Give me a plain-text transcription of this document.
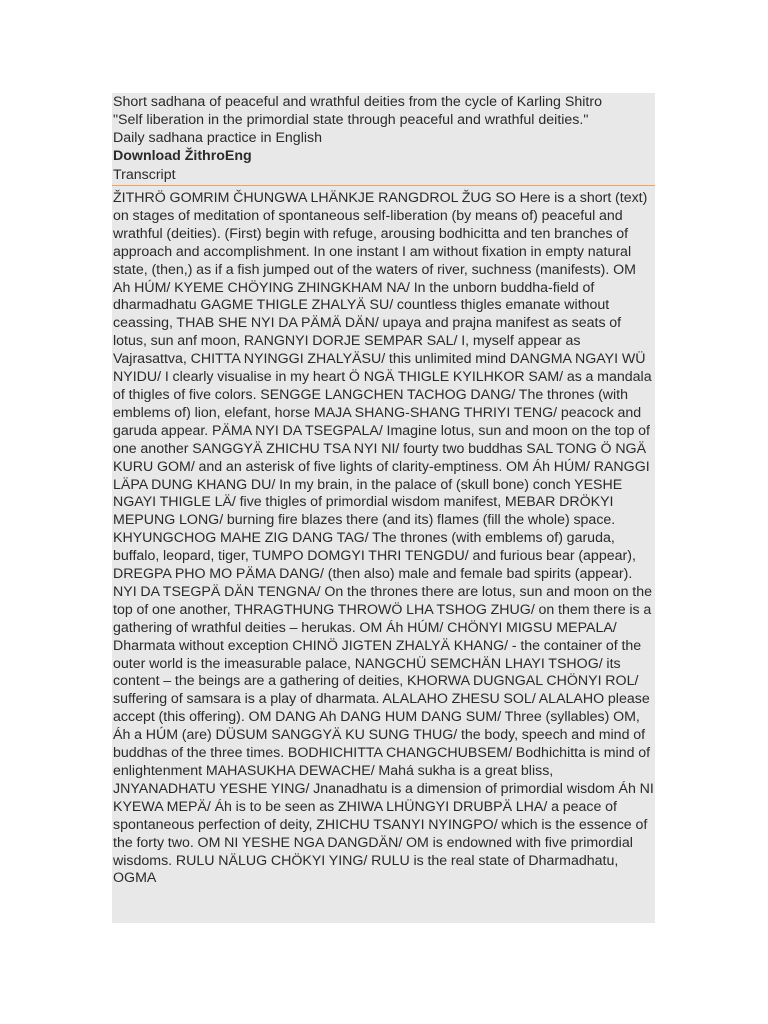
Short sadhana of peaceful and wrathful deities from the cycle of Karling Shitro
"Self liberation in the primordial state through peaceful and wrathful deities."
Daily sadhana practice in English
Download ŽithroEng
Transcript
ŽITHRÖ GOMRIM ČHUNGWA LHÄNKJE RANGDROL ŽUG SO Here is a short (text) on stages of meditation of spontaneous self-liberation (by means of) peaceful and wrathful (deities). (First) begin with refuge, arousing bodhicitta and ten branches of approach and accomplishment. In one instant I am without fixation in empty natural state, (then,) as if a fish jumped out of the waters of river, suchness (manifests). OM Ah HÚM/ KYEME CHÖYING ZHINGKHAM NA/ In the unborn buddha-field of dharmadhatu GAGME THIGLE ZHALYÄ SU/ countless thigles emanate without ceassing, THAB SHE NYI DA PÄMÄ DÄN/ upaya and prajna manifest as seats of lotus, sun anf moon, RANGNYI DORJE SEMPAR SAL/ I, myself appear as Vajrasattva, CHITTA NYINGGI ZHALYÄSU/ this unlimited mind DANGMA NGAYI WÜ NYIDU/ I clearly visualise in my heart Ö NGÄ THIGLE KYILHKOR SAM/ as a mandala of thigles of five colors. SENGGE LANGCHEN TACHOG DANG/ The thrones (with emblems of) lion, elefant, horse MAJA SHANG-SHANG THRIYI TENG/ peacock and garuda appear. PÄMA NYI DA TSEGPALA/ Imagine lotus, sun and moon on the top of one another SANGGYÄ ZHICHU TSA NYI NI/ fourty two buddhas SAL TONG Ö NGÄ KURU GOM/ and an asterisk of five lights of clarity-emptiness. OM Áh HÚM/ RANGGI LÄPA DUNG KHANG DU/ In my brain, in the palace of (skull bone) conch YESHE NGAYI THIGLE LÄ/ five thigles of primordial wisdom manifest, MEBAR DRÖKYI MEPUNG LONG/ burning fire blazes there (and its) flames (fill the whole) space. KHYUNGCHOG MAHE ZIG DANG TAG/ The thrones (with emblems of) garuda, buffalo, leopard, tiger, TUMPO DOMGYI THRI TENGDU/ and furious bear (appear), DREGPA PHO MO PÄMA DANG/ (then also) male and female bad spirits (appear). NYI DA TSEGPÄ DÄN TENGNA/ On the thrones there are lotus, sun and moon on the top of one another, THRAGTHUNG THROWÖ LHA TSHOG ZHUG/ on them there is a gathering of wrathful deities – herukas. OM Áh HÚM/ CHÖNYI MIGSU MEPALA/ Dharmata without exception CHINÖ JIGTEN ZHALYÄ KHANG/ - the container of the outer world is the imeasurable palace, NANGCHÜ SEMCHÄN LHAYI TSHOG/ its content – the beings are a gathering of deities, KHORWA DUGNGAL CHÖNYI ROL/ suffering of samsara is a play of dharmata. ALALAHO ZHESU SOL/ ALALAHO please accept (this offering). OM DANG Ah DANG HUM DANG SUM/ Three (syllables) OM, Áh a HÚM (are) DÜSUM SANGGYÄ KU SUNG THUG/ the body, speech and mind of buddhas of the three times. BODHICHITTA CHANGCHUBSEM/ Bodhichitta is mind of enlightenment MAHASUKHA DEWACHE/ Mahá sukha is a great bliss, JNYANADHATU YESHE YING/ Jnanadhatu is a dimension of primordial wisdom Áh NI KYEWA MEPÄ/ Áh is to be seen as ZHIWA LHÜNGYI DRUBPÄ LHA/ a peace of spontaneous perfection of deity, ZHICHU TSANYI NYINGPO/ which is the essence of the forty two. OM NI YESHE NGA DANGDÄN/ OM is endowned with five primordial wisdoms. RULU NÄLUG CHÖKYI YING/ RULU is the real state of Dharmadhatu, OGMA
